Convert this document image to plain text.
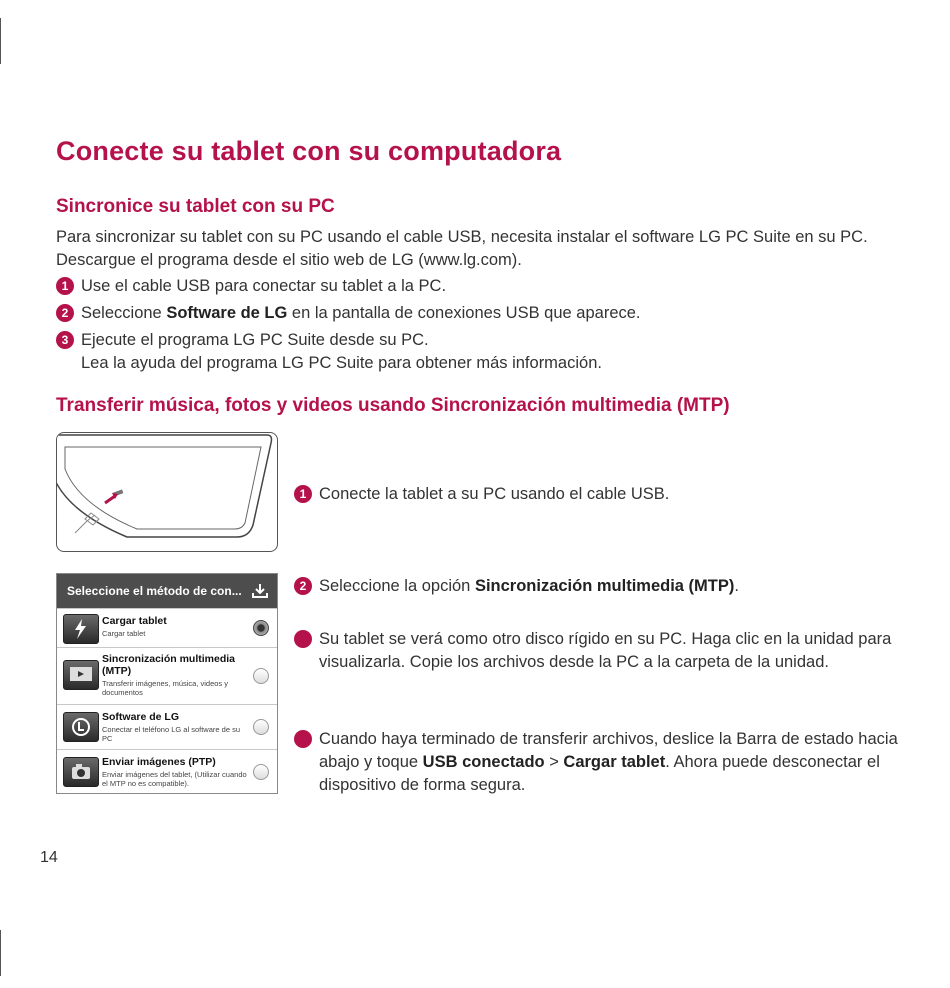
Conecte su tablet con su computadora
Sincronice su tablet con su PC

Para sincronizar su tablet con su PC usando el cable USB, necesita instalar el software LG PC Suite en su PC. Descargue el programa desde el sitio web de LG (www.lg.com).

1 Use el cable USB para conectar su tablet a la PC.
2 Seleccione Software de LG en la pantalla de conexiones USB que aparece.
3 Ejecute el programa LG PC Suite desde su PC.
Lea la ayuda del programa LG PC Suite para obtener más información.
Transferir música, fotos y videos usando Sincronización multimedia (MTP)
Seleccione el método de con...
Cargar tablet
Cargar tablet
Sincronización multimedia (MTP)
Transferir imágenes, música, videos y documentos
Software de LG
Conectar el teléfono LG al software de su PC
Enviar imágenes (PTP)
Enviar imágenes del tablet, (Utilizar cuando el MTP no es compatible).
1 Conecte la tablet a su PC usando el cable USB.
2 Seleccione la opción Sincronización multimedia (MTP).
3 Su tablet se verá como otro disco rígido en su PC. Haga clic en la unidad para visualizarla. Copie los archivos desde la PC a la carpeta de la unidad.
4 Cuando haya terminado de transferir archivos, deslice la Barra de estado hacia abajo y toque USB conectado > Cargar tablet. Ahora puede desconectar el dispositivo de forma segura.
14
